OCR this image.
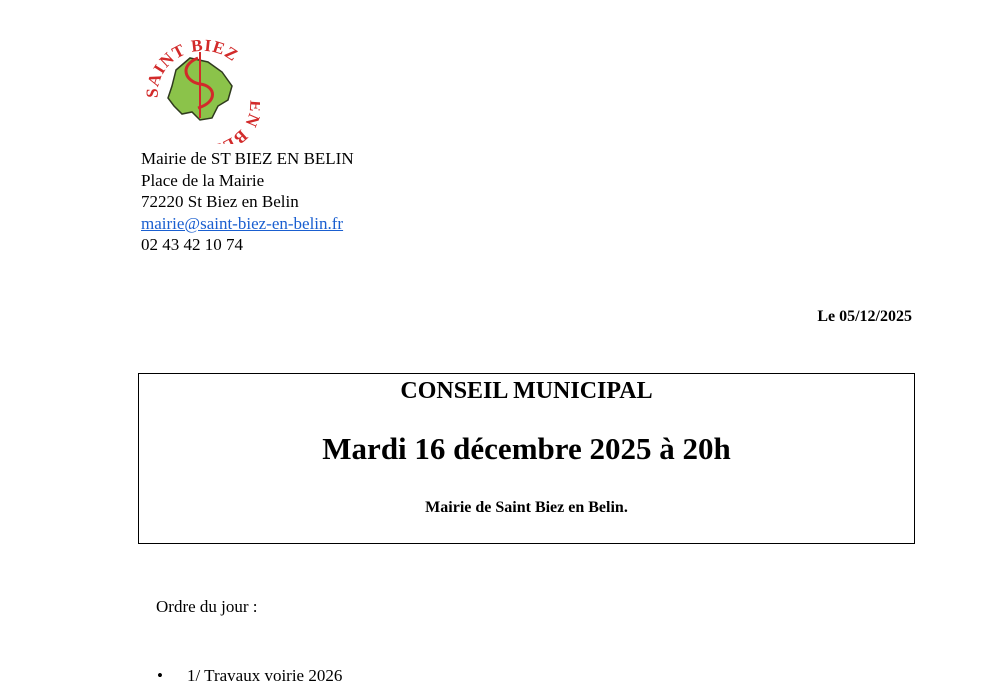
SAINT BIEZ
B
Mairie de ST BIEZ EN BELIN
Place de la Mairie
72220 St Biez en Belin
mairie@saint-biez-en-belin.fr
02 43 42 10 74
Le 05/12/2025
CONSEIL MUNICIPAL
Mardi 16 décembre 2025 à 20h
Mairie de Saint Biez en Belin.
Ordre du jour :
• 1/ Travaux voirie 2026
